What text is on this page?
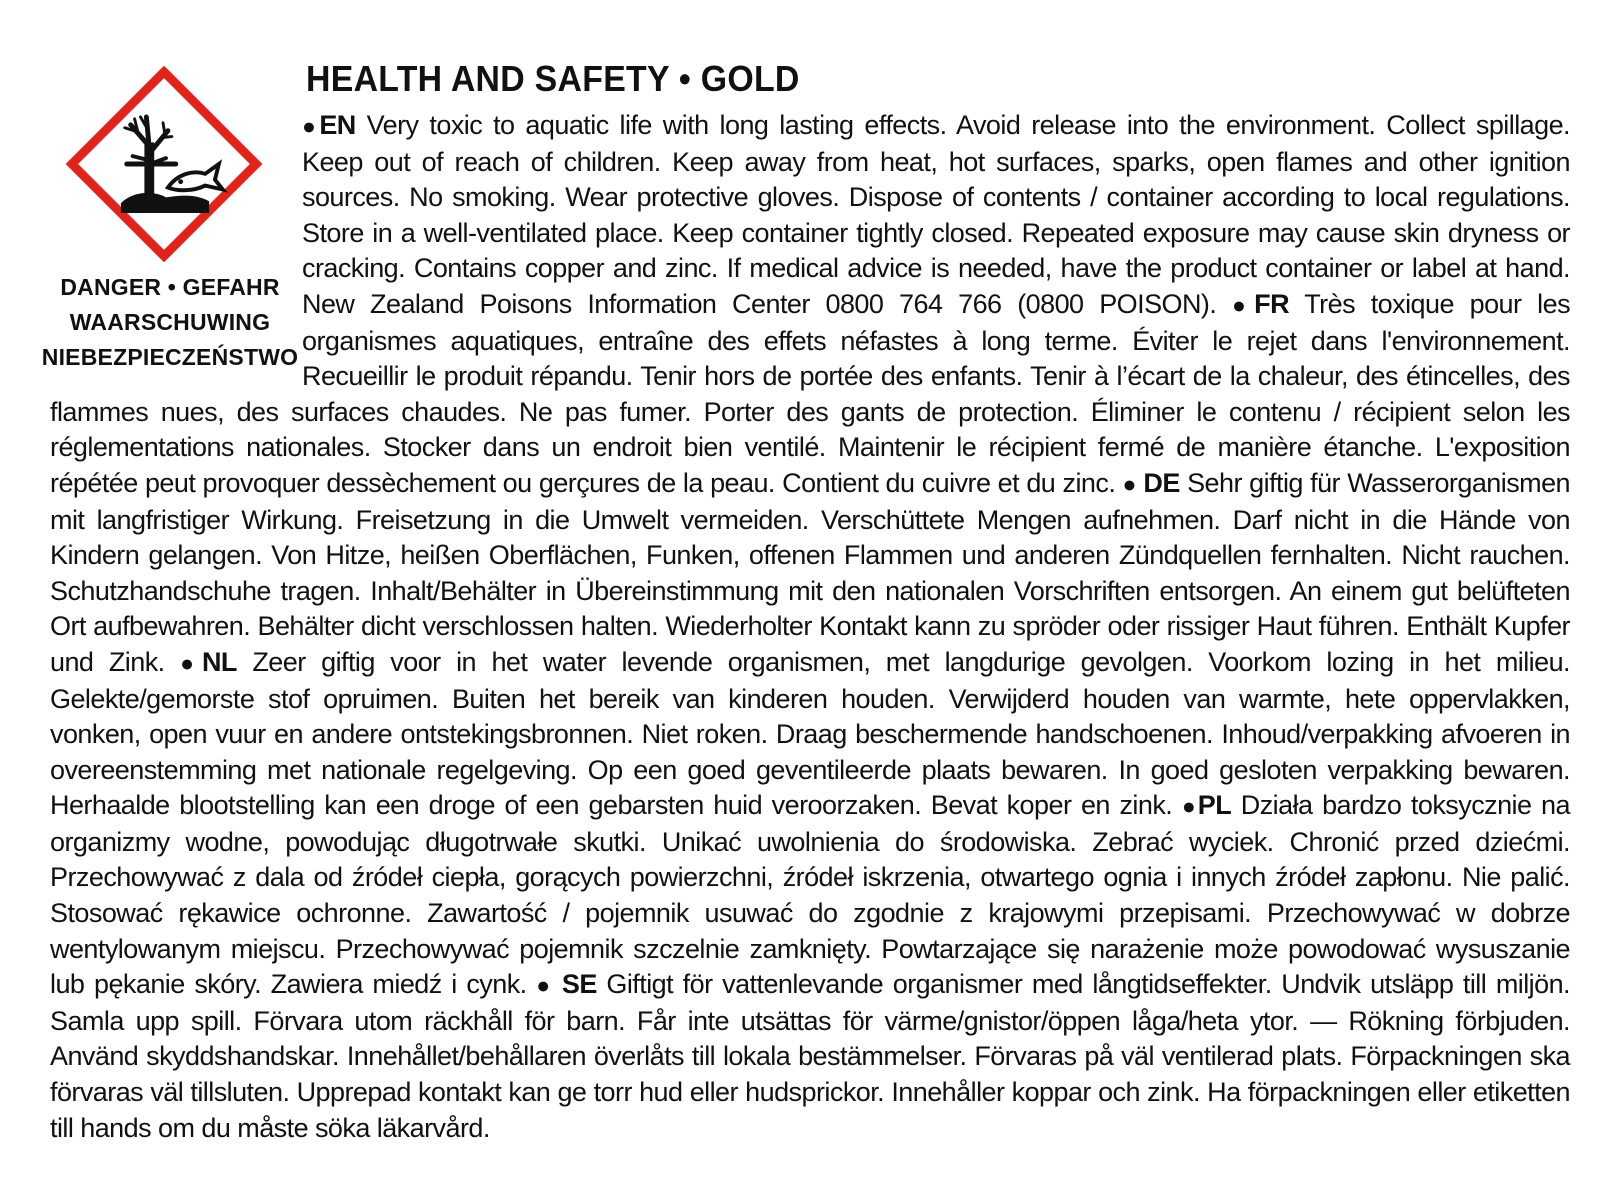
DANGER • GEFAHR
WAARSCHUWING
NIEBEZPIECZEŃSTWO
HEALTH AND SAFETY • GOLD
●EN Very toxic to aquatic life with long lasting effects. Avoid release into the environment. Collect spillage. Keep out of reach of children. Keep away from heat, hot surfaces, sparks, open flames and other ignition sources. No smoking. Wear protective gloves. Dispose of contents / container according to local regulations. Store in a well-ventilated place. Keep container tightly closed. Repeated exposure may cause skin dryness or cracking. Contains copper and zinc. If medical advice is needed, have the product container or label at hand. New Zealand Poisons Information Center 0800 764 766 (0800 POISON). ●FR Très toxique pour les organismes aquatiques, entraîne des effets néfastes à long terme. Éviter le rejet dans l'environnement. Recueillir le produit répandu. Tenir hors de portée des enfants. Tenir à l’écart de la chaleur, des étincelles, des flammes nues, des surfaces chaudes. Ne pas fumer. Porter des gants de protection. Éliminer le contenu / récipient selon les réglementations nationales. Stocker dans un endroit bien ventilé. Maintenir le récipient fermé de manière étanche. L'exposition répétée peut provoquer dessèchement ou gerçures de la peau. Contient du cuivre et du zinc. ● DE Sehr giftig für Wasserorganismen mit langfristiger Wirkung. Freisetzung in die Umwelt vermeiden. Verschüttete Mengen aufnehmen. Darf nicht in die Hände von Kindern gelangen. Von Hitze, heißen Oberflächen, Funken, offenen Flammen und anderen Zündquellen fernhalten. Nicht rauchen. Schutzhandschuhe tragen. Inhalt/Behälter in Übereinstimmung mit den nationalen Vorschriften entsorgen. An einem gut belüfteten Ort aufbewahren. Behälter dicht verschlossen halten. Wiederholter Kontakt kann zu spröder oder rissiger Haut führen. Enthält Kupfer und Zink. ●NL Zeer giftig voor in het water levende organismen, met langdurige gevolgen. Voorkom lozing in het milieu. Gelekte/gemorste stof opruimen. Buiten het bereik van kinderen houden. Verwijderd houden van warmte, hete oppervlakken, vonken, open vuur en andere ontstekingsbronnen. Niet roken. Draag beschermende handschoenen. Inhoud/verpakking afvoeren in overeenstemming met nationale regelgeving. Op een goed geventileerde plaats bewaren. In goed gesloten verpakking bewaren. Herhaalde blootstelling kan een droge of een gebarsten huid veroorzaken. Bevat koper en zink. ●PL Działa bardzo toksycznie na organizmy wodne, powodując długotrwałe skutki. Unikać uwolnienia do środowiska. Zebrać wyciek. Chronić przed dziećmi. Przechowywać z dala od źródeł ciepła, gorących powierzchni, źródeł iskrzenia, otwartego ognia i innych źródeł zapłonu. Nie palić. Stosować rękawice ochronne. Zawartość / pojemnik usuwać do zgodnie z krajowymi przepisami. Przechowywać w dobrze wentylowanym miejscu. Przechowywać pojemnik szczelnie zamknięty. Powtarzające się narażenie może powodować wysuszanie lub pękanie skóry. Zawiera miedź i cynk. ● SE Giftigt för vattenlevande organismer med långtidseffekter. Undvik utsläpp till miljön. Samla upp spill. Förvara utom räckhåll för barn. Får inte utsättas för värme/gnistor/öppen låga/heta ytor. — Rökning förbjuden. Använd skyddshandskar. Innehållet/behållaren överlåts till lokala bestämmelser. Förvaras på väl ventilerad plats. Förpackningen ska förvaras väl tillsluten. Upprepad kontakt kan ge torr hud eller hudsprickor. Innehåller koppar och zink. Ha förpackningen eller etiketten till hands om du måste söka läkarvård.
